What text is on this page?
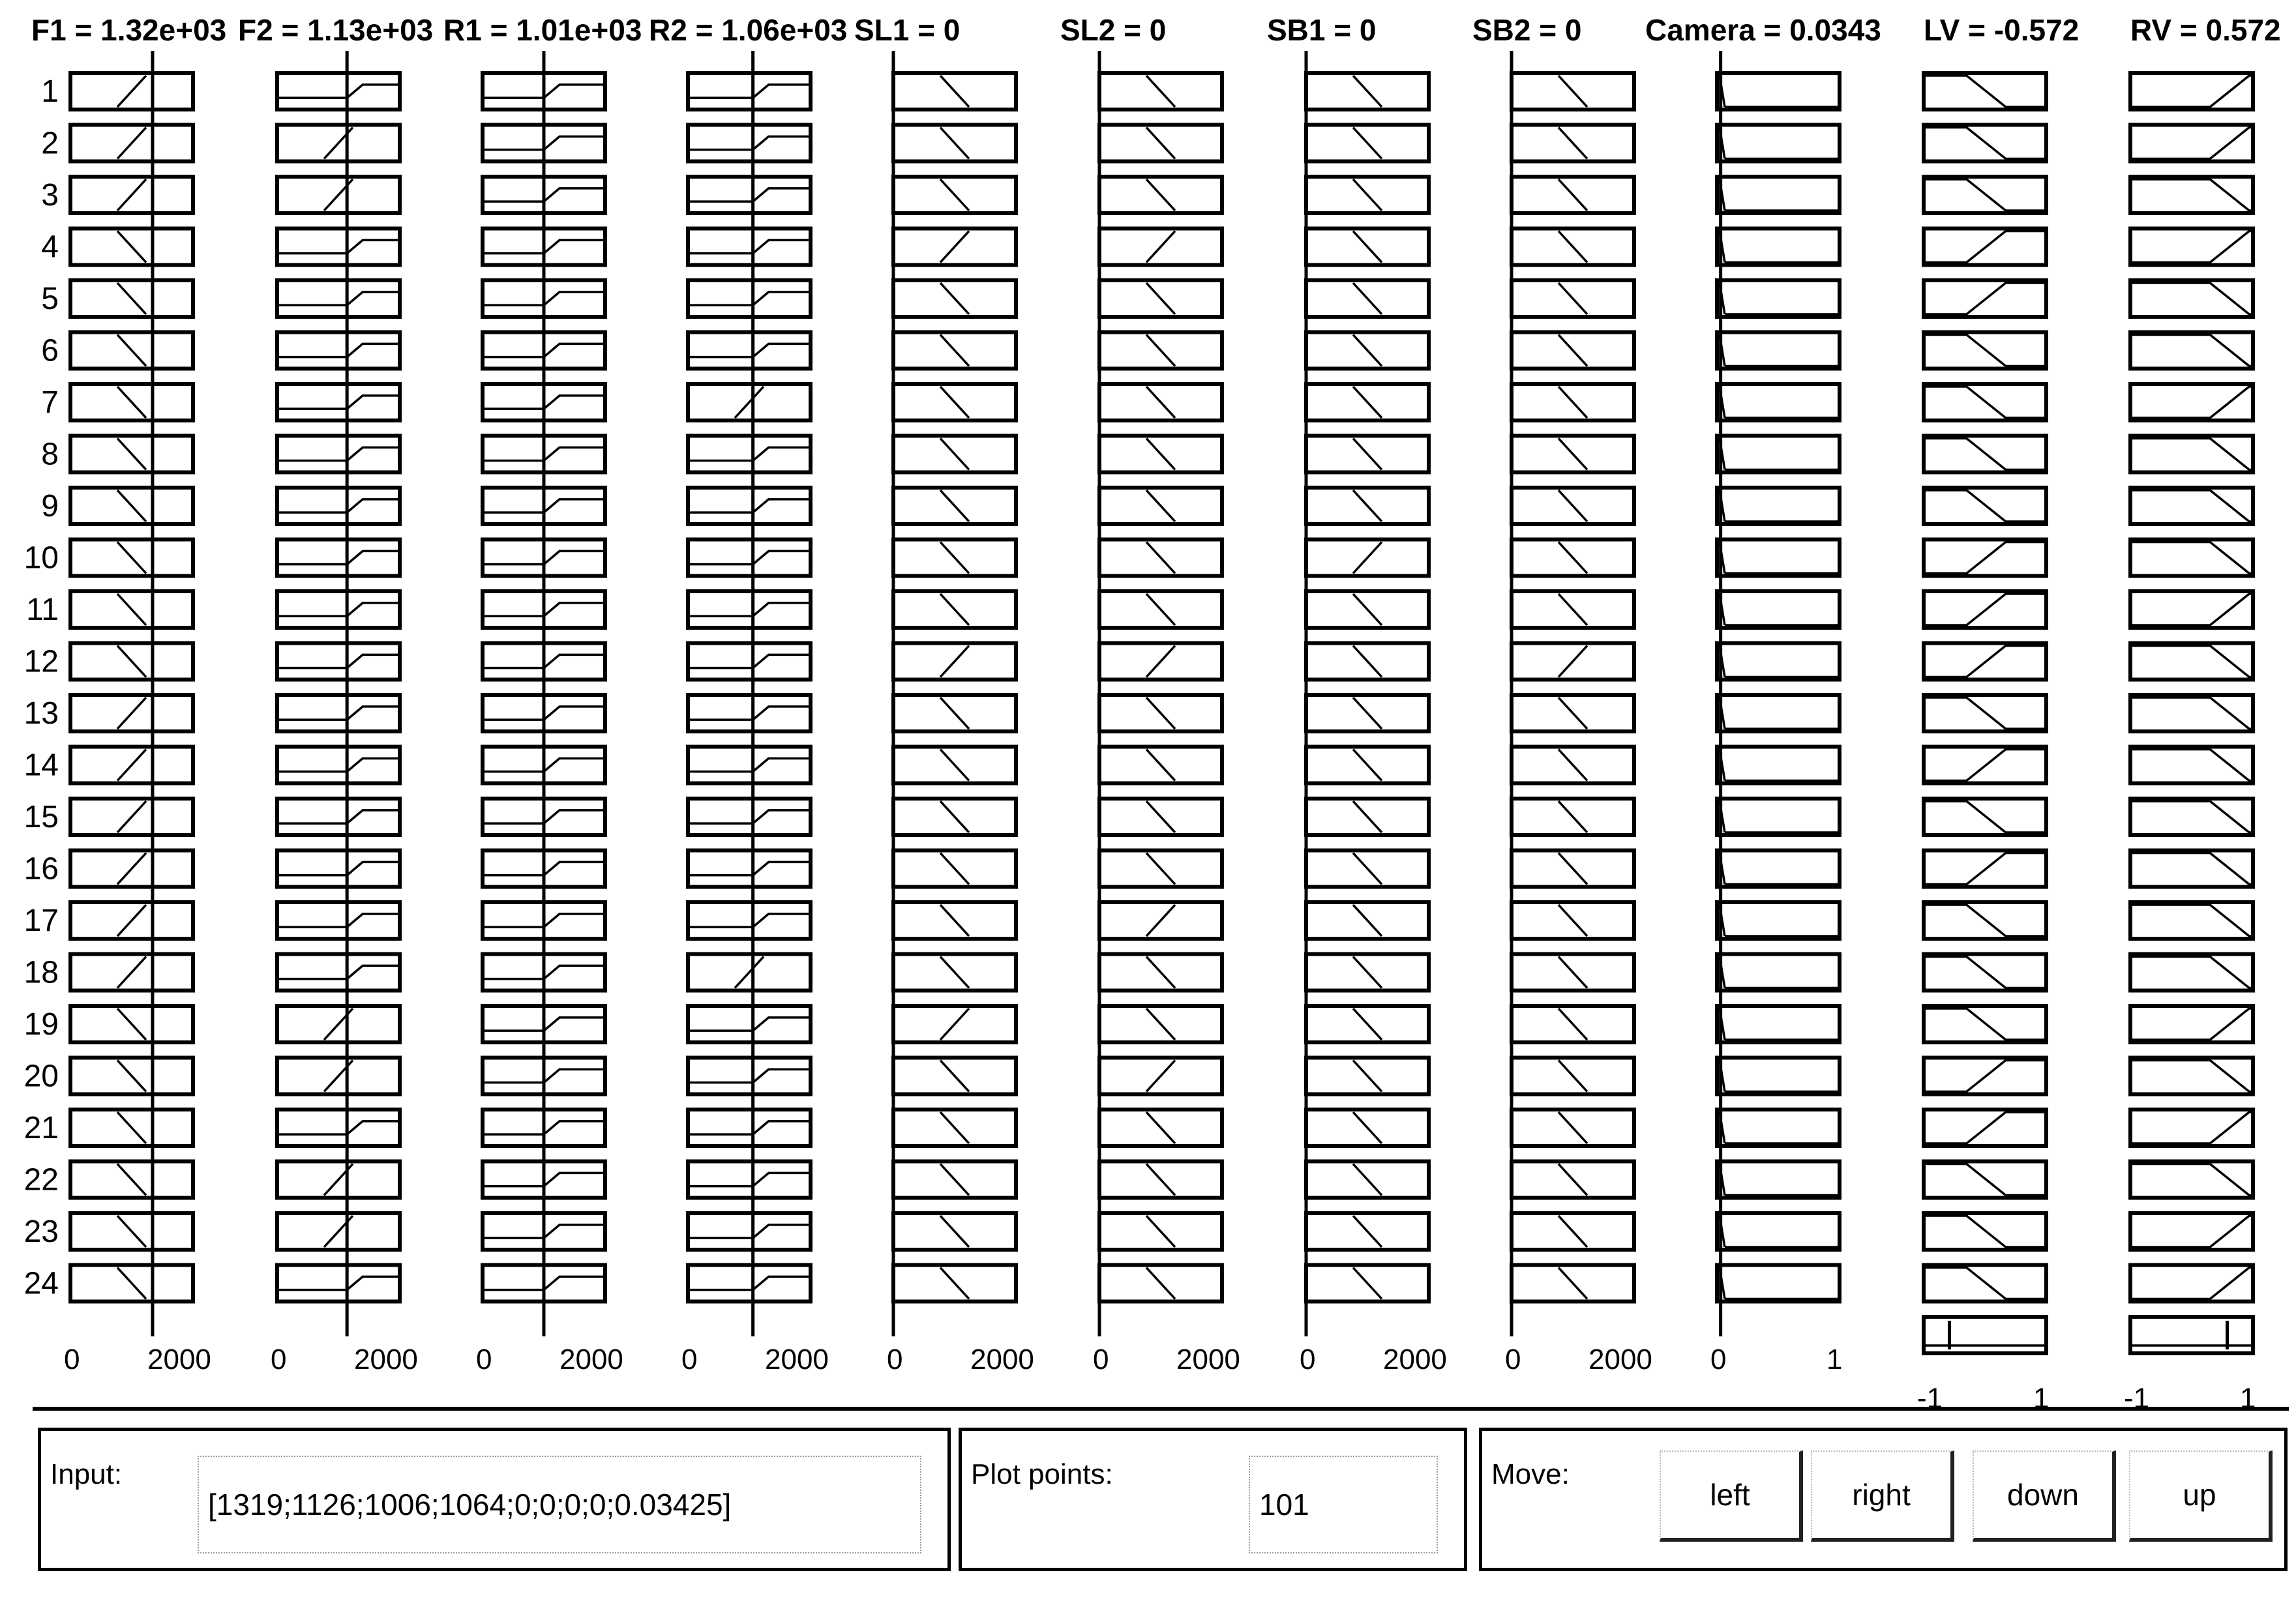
F1 = 1.32e+03
0 2000
F2 = 1.13e+03
0 2000
R1 = 1.01e+03
0 2000
R2 = 1.06e+03
0 2000
SL1 = 0
0 2000
SL2 = 0
0 2000
SB1 = 0
0 2000
SB2 = 0
0 2000
Camera = 0.0343
0	1
LV = -0.572
-1	1
RV = 0.572
-1	1
1
2
3
4
5
6
7
8
9
10
11
12
13
14
15
16
17
18
19
20
21
22
23
24
Input:
[1319;1126;1006;1064;0;0;0;0;0.03425]
Plot points:
101
Move:
left	right	down	up
